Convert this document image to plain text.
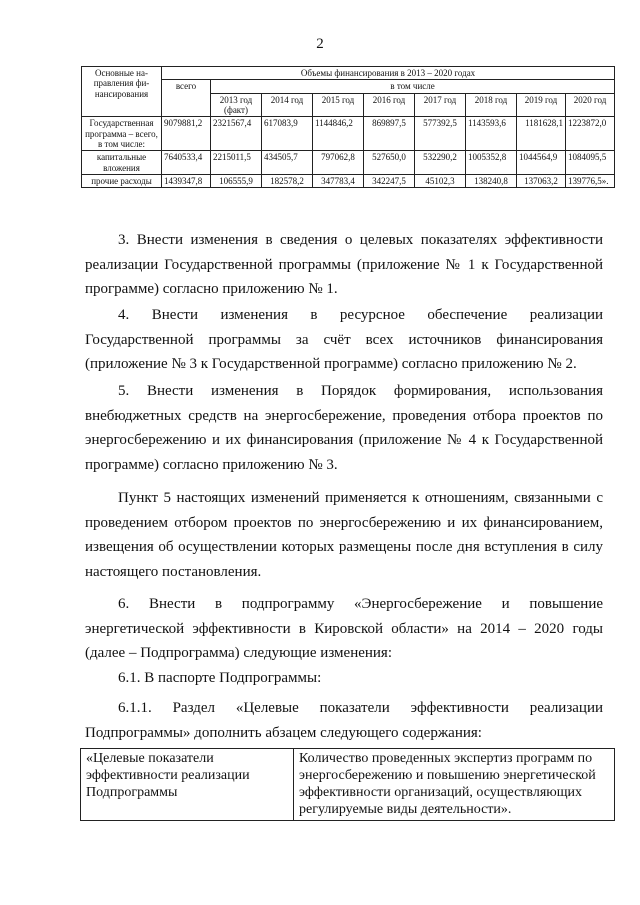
2
Основные на-правления фи-нансирования	Объемы финансирования в 2013 – 2020 годах								
	всего	в том числе							
		2013 год (факт)	2014 год	2015 год	2016 год	2017 год	2018 год	2019 год	2020 год
Государственная программа – всего, в том числе:	9079881,2	2321567,4	617083,9	1144846,2	869897,5	577392,5	1143593,6	1181628,1	1223872,0
капитальные вложения	7640533,4	2215011,5	434505,7	797062,8	527650,0	532290,2	1005352,8	1044564,9	1084095,5
прочие расходы	1439347,8	106555,9	182578,2	347783,4	342247,5	45102,3	138240,8	137063,2	139776,5».
3. Внести изменения в сведения о целевых показателях эффективности реализации Государственной программы (приложение № 1 к Государственной программе) согласно приложению № 1.
4. Внести изменения в ресурсное обеспечение реализации Государственной программы за счёт всех источников финансирования (приложение № 3 к Государственной программе) согласно приложению № 2.
5. Внести изменения в Порядок формирования, использования внебюджетных средств на энергосбережение, проведения отбора проектов по энергосбережению и их финансирования (приложение № 4 к Государственной программе) согласно приложению № 3.
Пункт 5 настоящих изменений применяется к отношениям, связанными с проведением отбором проектов по энергосбережению и их финансированием, извещения об осуществлении которых размещены после дня вступления в силу настоящего постановления.
6. Внести в подпрограмму «Энергосбережение и повышение энергетической эффективности в Кировской области» на 2014 – 2020 годы (далее – Подпрограмма) следующие изменения:
6.1. В паспорте Подпрограммы:
6.1.1. Раздел «Целевые показатели эффективности реализации Подпрограммы» дополнить абзацем следующего содержания:
«Целевые показатели эффективности реализации Подпрограммы	Количество проведенных экспертиз программ по энергосбережению и повышению энергетической эффективности организаций, осуществляющих регулируемые виды деятельности».
